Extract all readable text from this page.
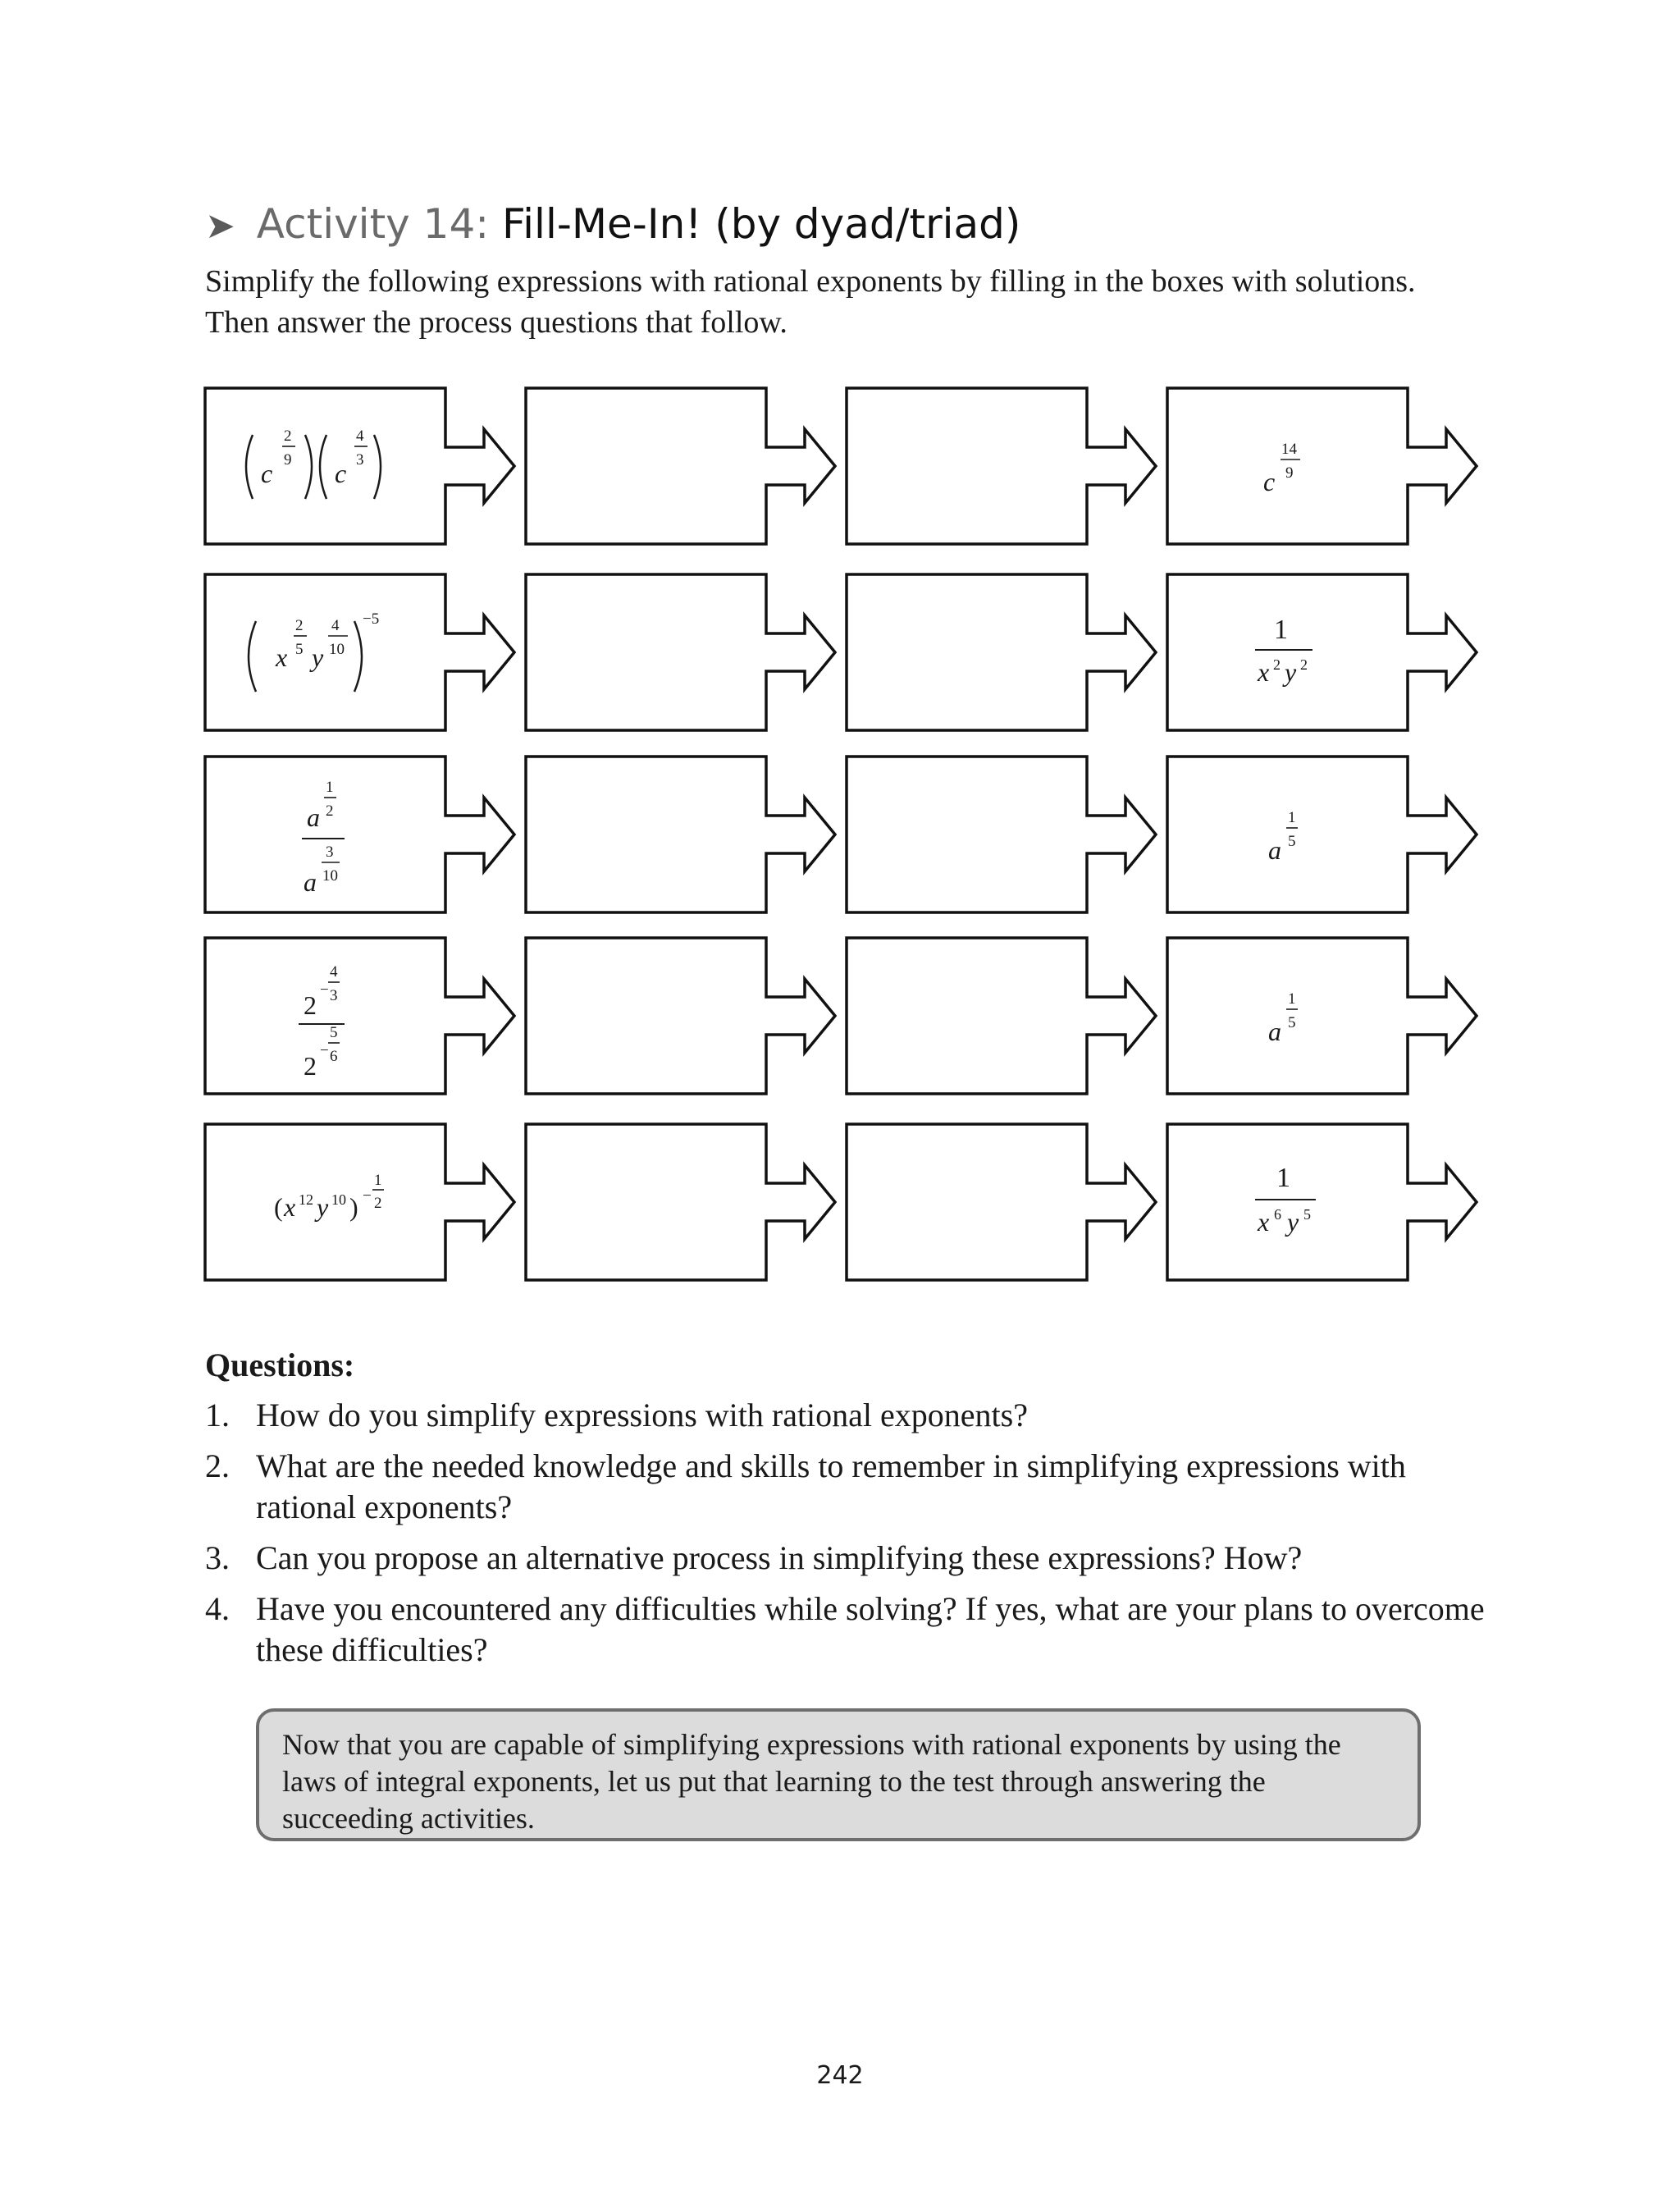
➤ Activity 14: Fill-Me-In! (by dyad/triad)
Simplify the following expressions with rational exponents by filling in the boxes with solutions. Then answer the process questions that follow.
c
2
9 c
4
3
c
14
9
x
2
5 y
4
10
−5	1
x 2 y 2
a
1
2
a
3
10
a
1
5
2
−
4
3
2
−
5
6
a
1
5
( x 12 y 10 ) −
1
2
1
x 6 y 5
Questions:
1. How do you simplify expressions with rational exponents?
2. What are the needed knowledge and skills to remember in simplifying expressions with rational exponents?
3. Can you propose an alternative process in simplifying these expressions? How?
4. Have you encountered any difficulties while solving? If yes, what are your plans to overcome these difficulties?
Now that you are capable of simplifying expressions with rational exponents by using the laws of integral exponents, let us put that learning to the test through answering the succeeding activities.
242
